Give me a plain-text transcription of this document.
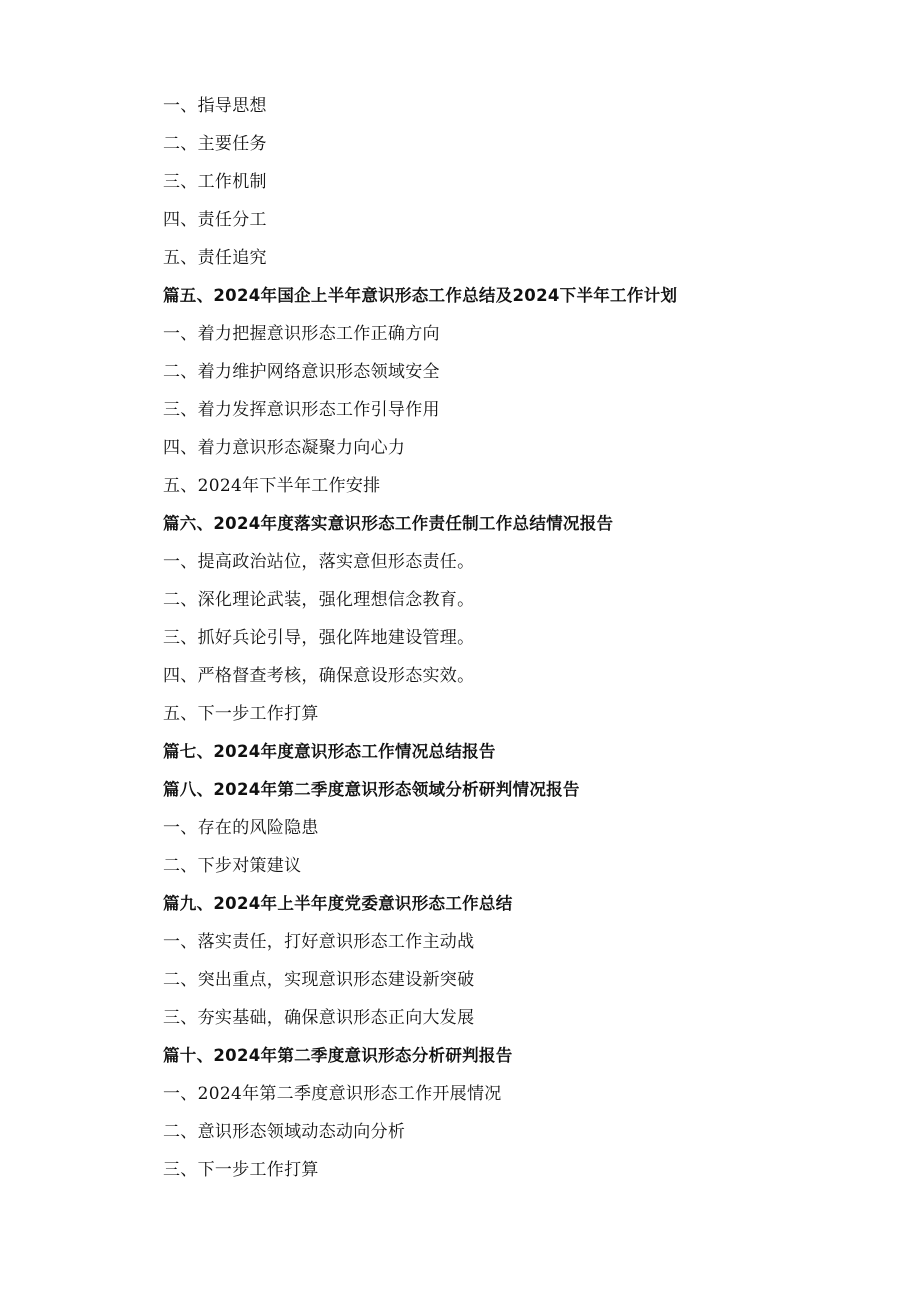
一、指导思想
二、主要任务
三、工作机制
四、责任分工
五、责任追究
篇五、2024年国企上半年意识形态工作总结及2024下半年工作计划
一、着力把握意识形态工作正确方向
二、着力维护网络意识形态领域安全
三、着力发挥意识形态工作引导作用
四、着力意识形态凝聚力向心力
五、2024年下半年工作安排
篇六、2024年度落实意识形态工作责任制工作总结情况报告
一、提高政治站位，落实意但形态责任。
二、深化理论武装，强化理想信念教育。
三、抓好兵论引导，强化阵地建设管理。
四、严格督查考核，确保意设形态实效。
五、下一步工作打算
篇七、2024年度意识形态工作情况总结报告
篇八、2024年第二季度意识形态领域分析研判情况报告
一、存在的风险隐患
二、下步对策建议
篇九、2024年上半年度党委意识形态工作总结
一、落实责任，打好意识形态工作主动战
二、突出重点，实现意识形态建设新突破
三、夯实基础，确保意识形态正向大发展
篇十、2024年第二季度意识形态分析研判报告
一、2024年第二季度意识形态工作开展情况
二、意识形态领域动态动向分析
三、下一步工作打算
